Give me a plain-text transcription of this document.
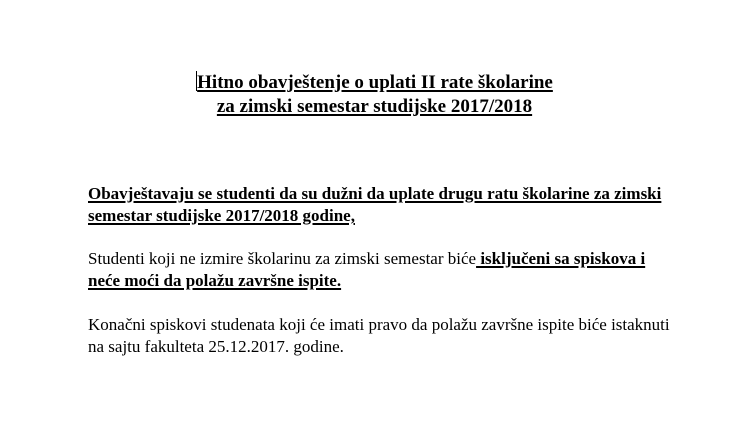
Hitno obavještenje o uplati II rate školarine
za zimski semestar studijske 2017/2018

Obavještavaju se studenti da su dužni da uplate drugu ratu školarine za zimski semestar studijske 2017/2018 godine,

Studenti koji ne izmire školarinu za zimski semestar biće isključeni sa spiskova i neće moći da polažu završne ispite.

Konačni spiskovi studenata koji će imati pravo da polažu završne ispite biće istaknuti na sajtu fakulteta 25.12.2017. godine.
